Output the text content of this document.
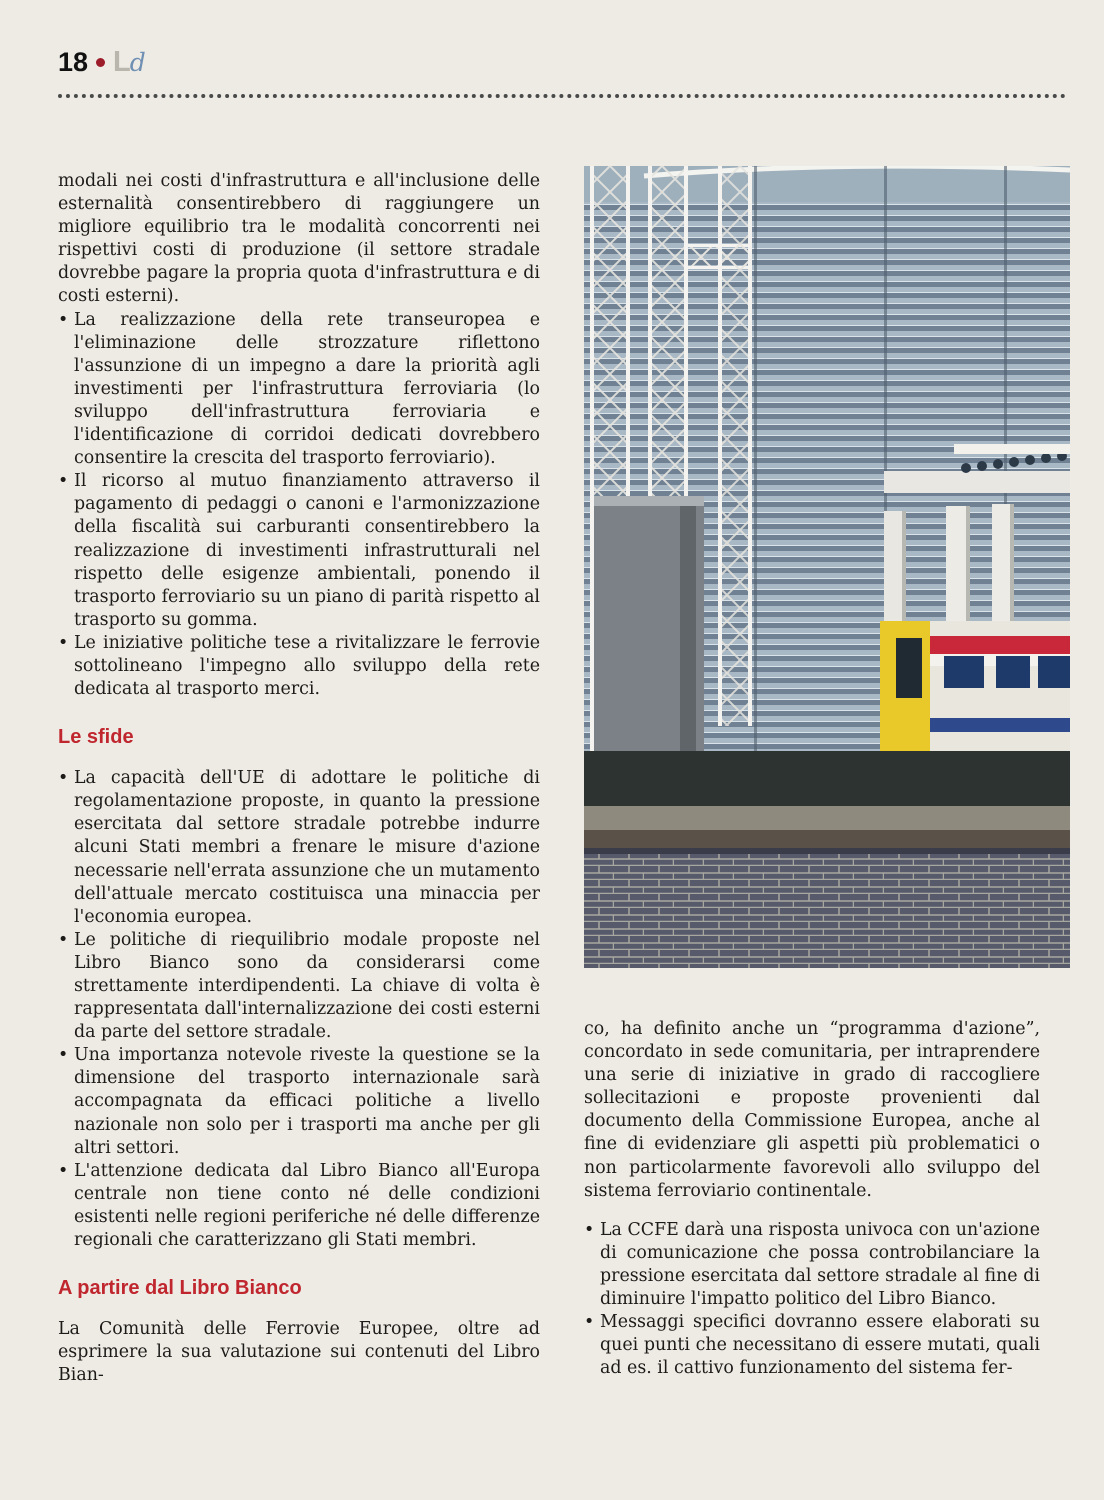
18 Ld

modali nei costi d'infrastruttura e all'inclusione delle esternalità consentirebbero di raggiungere un migliore equilibrio tra le modalità concorrenti nei rispettivi costi di produzione (il settore stradale dovrebbe pagare la propria quota d'infrastruttura e di costi esterni).

• La realizzazione della rete transeuropea e l'eliminazione delle strozzature riflettono l'assunzione di un impegno a dare la priorità agli investimenti per l'infrastruttura ferroviaria (lo sviluppo dell'infrastruttura ferroviaria e l'identificazione di corridoi dedicati dovrebbero consentire la crescita del trasporto ferroviario).
• Il ricorso al mutuo finanziamento attraverso il pagamento di pedaggi o canoni e l'armonizzazione della fiscalità sui carburanti consentirebbero la realizzazione di investimenti infrastrutturali nel rispetto delle esigenze ambientali, ponendo il trasporto ferroviario su un piano di parità rispetto al trasporto su gomma.
• Le iniziative politiche tese a rivitalizzare le ferrovie sottolineano l'impegno allo sviluppo della rete dedicata al trasporto merci.
Le sfide
• La capacità dell'UE di adottare le politiche di regolamentazione proposte, in quanto la pressione esercitata dal settore stradale potrebbe indurre alcuni Stati membri a frenare le misure d'azione necessarie nell'errata assunzione che un mutamento dell'attuale mercato costituisca una minaccia per l'economia europea.
• Le politiche di riequilibrio modale proposte nel Libro Bianco sono da considerarsi come strettamente interdipendenti. La chiave di volta è rappresentata dall'internalizzazione dei costi esterni da parte del settore stradale.
• Una importanza notevole riveste la questione se la dimensione del trasporto internazionale sarà accompagnata da efficaci politiche a livello nazionale non solo per i trasporti ma anche per gli altri settori.
• L'attenzione dedicata dal Libro Bianco all'Europa centrale non tiene conto né delle condizioni esistenti nelle regioni periferiche né delle differenze regionali che caratterizzano gli Stati membri.
A partire dal Libro Bianco

La Comunità delle Ferrovie Europee, oltre ad esprimere la sua valutazione sui contenuti del Libro Bian-

co, ha definito anche un “programma d'azione”, concordato in sede comunitaria, per intraprendere una serie di iniziative in grado di raccogliere sollecitazioni e proposte provenienti dal documento della Commissione Europea, anche al fine di evidenziare gli aspetti più problematici o non particolarmente favorevoli allo sviluppo del sistema ferroviario continentale.

• La CCFE darà una risposta univoca con un'azione di comunicazione che possa controbilanciare la pressione esercitata dal settore stradale al fine di diminuire l'impatto politico del Libro Bianco.
• Messaggi specifici dovranno essere elaborati su quei punti che necessitano di essere mutati, quali ad es. il cattivo funzionamento del sistema fer-
